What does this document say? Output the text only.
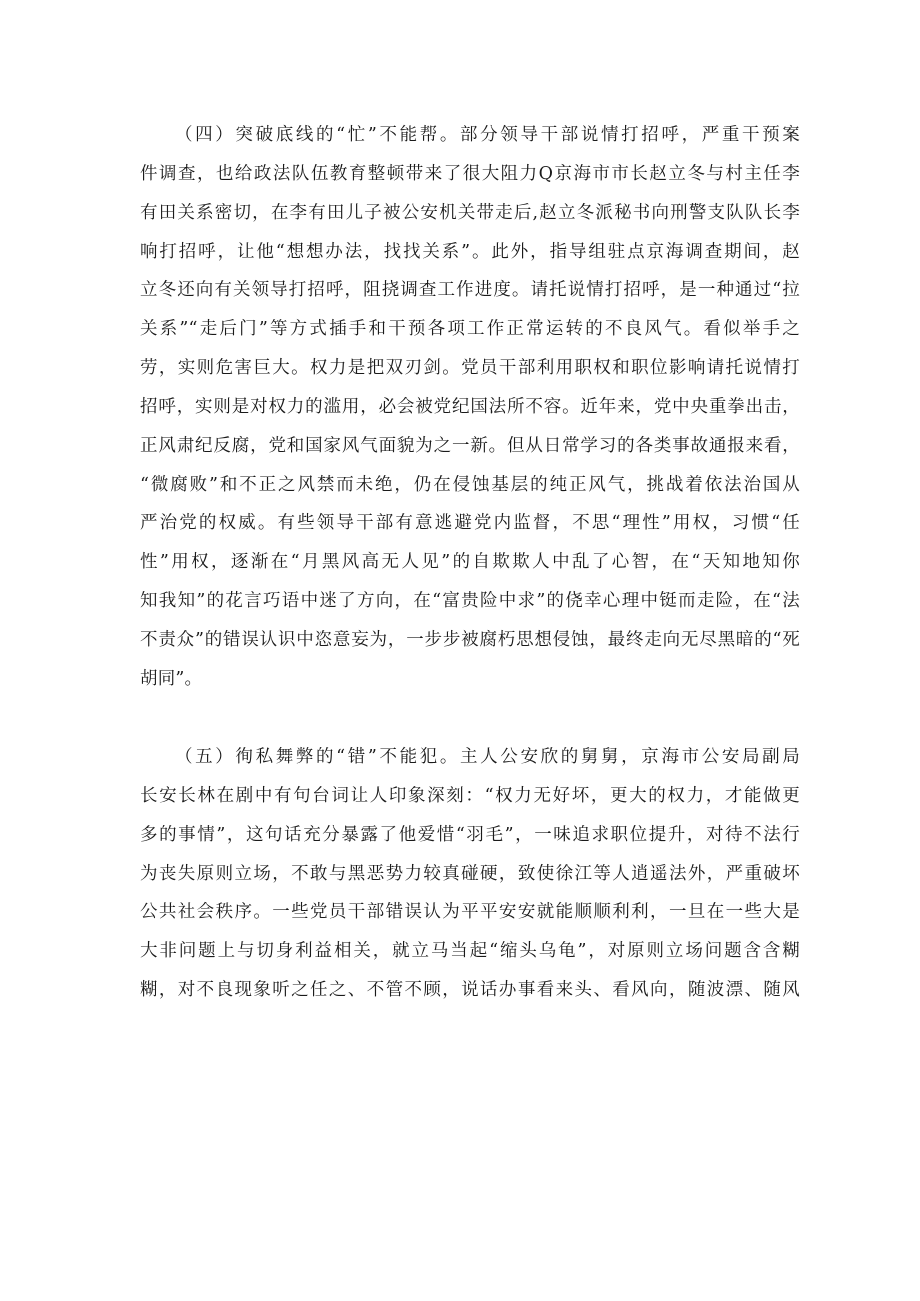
（四）突破底线的“忙”不能帮。部分领导干部说情打招呼，严重干预案
件调查，也给政法队伍教育整顿带来了很大阻力Q京海市市长赵立冬与村主任李
有田关系密切，在李有田儿子被公安机关带走后,赵立冬派秘书向刑警支队队长李
响打招呼，让他“想想办法，找找关系”。此外，指导组驻点京海调查期间，赵
立冬还向有关领导打招呼，阻挠调查工作进度。请托说情打招呼，是一种通过“拉
关系”“走后门”等方式插手和干预各项工作正常运转的不良风气。看似举手之
劳，实则危害巨大。权力是把双刃剑。党员干部利用职权和职位影响请托说情打
招呼，实则是对权力的滥用，必会被党纪国法所不容。近年来，党中央重拳出击，
正风肃纪反腐，党和国家风气面貌为之一新。但从日常学习的各类事故通报来看，
“微腐败”和不正之风禁而未绝，仍在侵蚀基层的纯正风气，挑战着依法治国从
严治党的权威。有些领导干部有意逃避党内监督，不思“理性”用权，习惯“任
性”用权，逐渐在“月黑风高无人见”的自欺欺人中乱了心智，在“天知地知你
知我知”的花言巧语中迷了方向，在“富贵险中求”的侥幸心理中铤而走险，在“法
不责众”的错误认识中恣意妄为，一步步被腐朽思想侵蚀，最终走向无尽黑暗的“死
胡同”。
（五）徇私舞弊的“错”不能犯。主人公安欣的舅舅，京海市公安局副局
长安长林在剧中有句台词让人印象深刻：“权力无好坏，更大的权力，才能做更
多的事情”，这句话充分暴露了他爱惜“羽毛”，一味追求职位提升，对待不法行
为丧失原则立场，不敢与黑恶势力较真碰硬，致使徐江等人逍遥法外，严重破坏
公共社会秩序。一些党员干部错误认为平平安安就能顺顺利利，一旦在一些大是
大非问题上与切身利益相关，就立马当起“缩头乌龟”，对原则立场问题含含糊
糊，对不良现象听之任之、不管不顾，说话办事看来头、看风向，随波漂、随风
